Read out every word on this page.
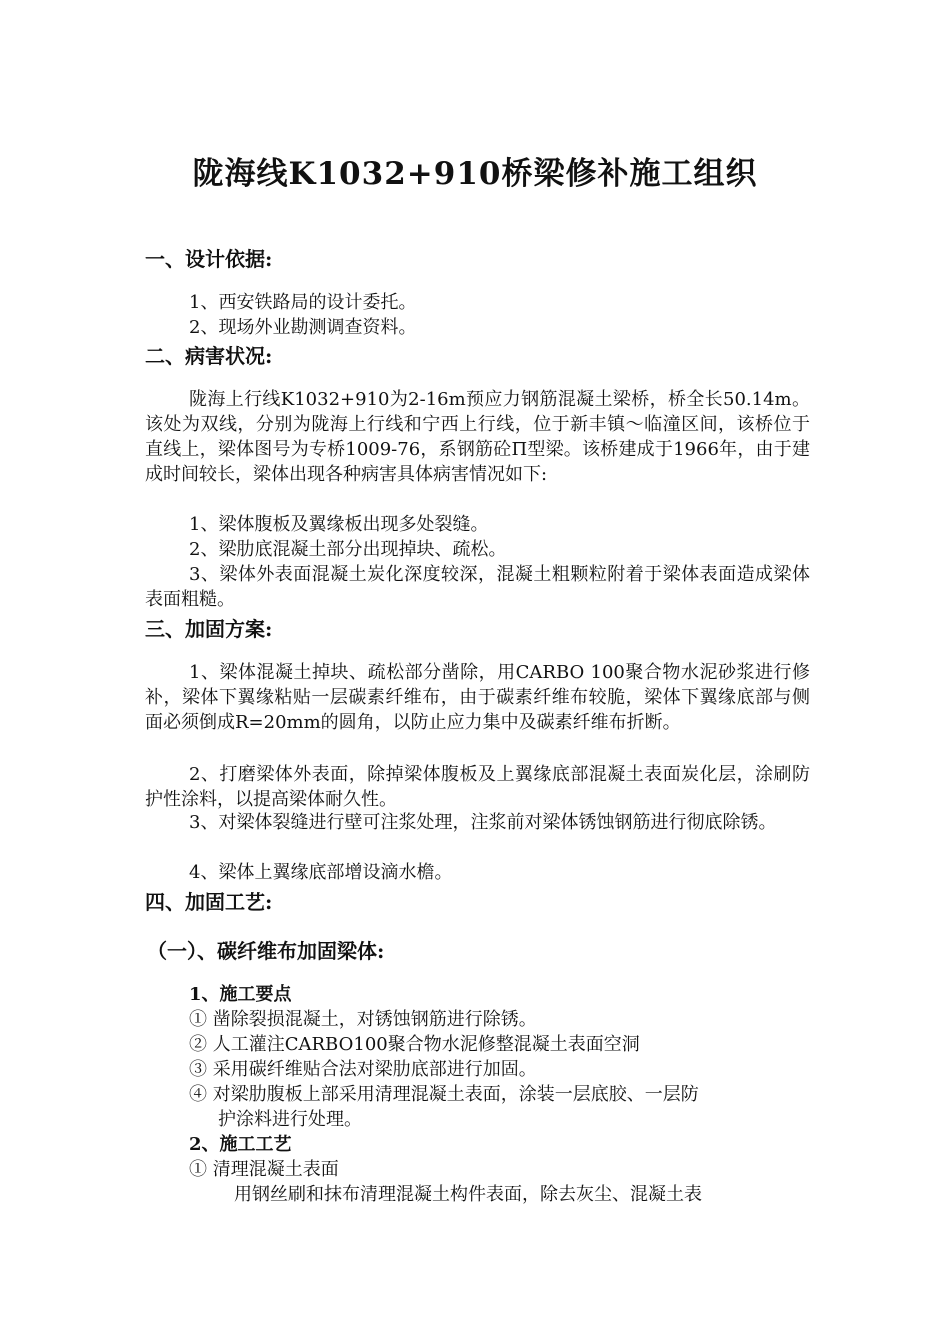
陇海线K1032+910桥梁修补施工组织
一、设计依据:
1、西安铁路局的设计委托。
2、现场外业勘测调查资料。
二、病害状况:
陇海上行线K1032+910为2-16m预应力钢筋混凝土梁桥，桥全长50.14m。该处为双线，分别为陇海上行线和宁西上行线，位于新丰镇～临潼区间，该桥位于直线上，梁体图号为专桥1009-76，系钢筋砼Π型梁。该桥建成于1966年，由于建成时间较长，梁体出现各种病害具体病害情况如下:
1、梁体腹板及翼缘板出现多处裂缝。
2、梁肋底混凝土部分出现掉块、疏松。
3、梁体外表面混凝土炭化深度较深，混凝土粗颗粒附着于梁体表面造成梁体表面粗糙。
三、加固方案:
1、梁体混凝土掉块、疏松部分凿除，用CARBO 100聚合物水泥砂浆进行修补，梁体下翼缘粘贴一层碳素纤维布，由于碳素纤维布较脆，梁体下翼缘底部与侧面必须倒成R=20mm的圆角，以防止应力集中及碳素纤维布折断。
2、打磨梁体外表面，除掉梁体腹板及上翼缘底部混凝土表面炭化层，涂刷防护性涂料，以提高梁体耐久性。
3、对梁体裂缝进行壁可注浆处理，注浆前对梁体锈蚀钢筋进行彻底除锈。
4、梁体上翼缘底部增设滴水檐。
四、加固工艺:
（一）、碳纤维布加固梁体:
1、施工要点
① 凿除裂损混凝土，对锈蚀钢筋进行除锈。
② 人工灌注CARBO100聚合物水泥修整混凝土表面空洞
③ 采用碳纤维贴合法对梁肋底部进行加固。
④ 对梁肋腹板上部采用清理混凝土表面，涂装一层底胶、一层防
护涂料进行处理。
2、施工工艺
① 清理混凝土表面
用钢丝刷和抹布清理混凝土构件表面，除去灰尘、混凝土表
